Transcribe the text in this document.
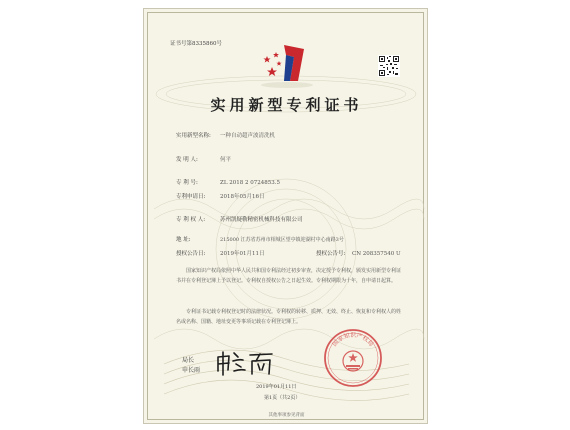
证书号第8335860号
实用新型专利证书
实用新型名称: 一种自动超声波清洗机
发 明 人:	何平
专 利 号:	ZL 2018 2 0724853.5
专利申请日:	2018年05月16日
专 利 权 人:	苏州凯疑勒精密机械科技有限公司
地 址:	215000 江苏省苏州市相城区望亭镇迎湖村中心南路3号
授权公告日:	2019年01月11日	授权公告号: CN 208357540 U
国家知识产权局依照中华人民共和国专利法经过初步审查，决定授予专利权，颁发实用新型专利证书并在专利登记簿上予以登记。专利权自授权公告之日起生效。专利权期限为十年，自申请日起算。
专利证书记载专利权登记时的法律状况。专利权的转移、质押、无效、终止、恢复和专利权人的姓名或名称、国籍、地址变更等事项记载在专利登记簿上。
局长
申长雨
国家知识产权局
2019年01月11日
第1页（共2页）
其他事项参见背面
